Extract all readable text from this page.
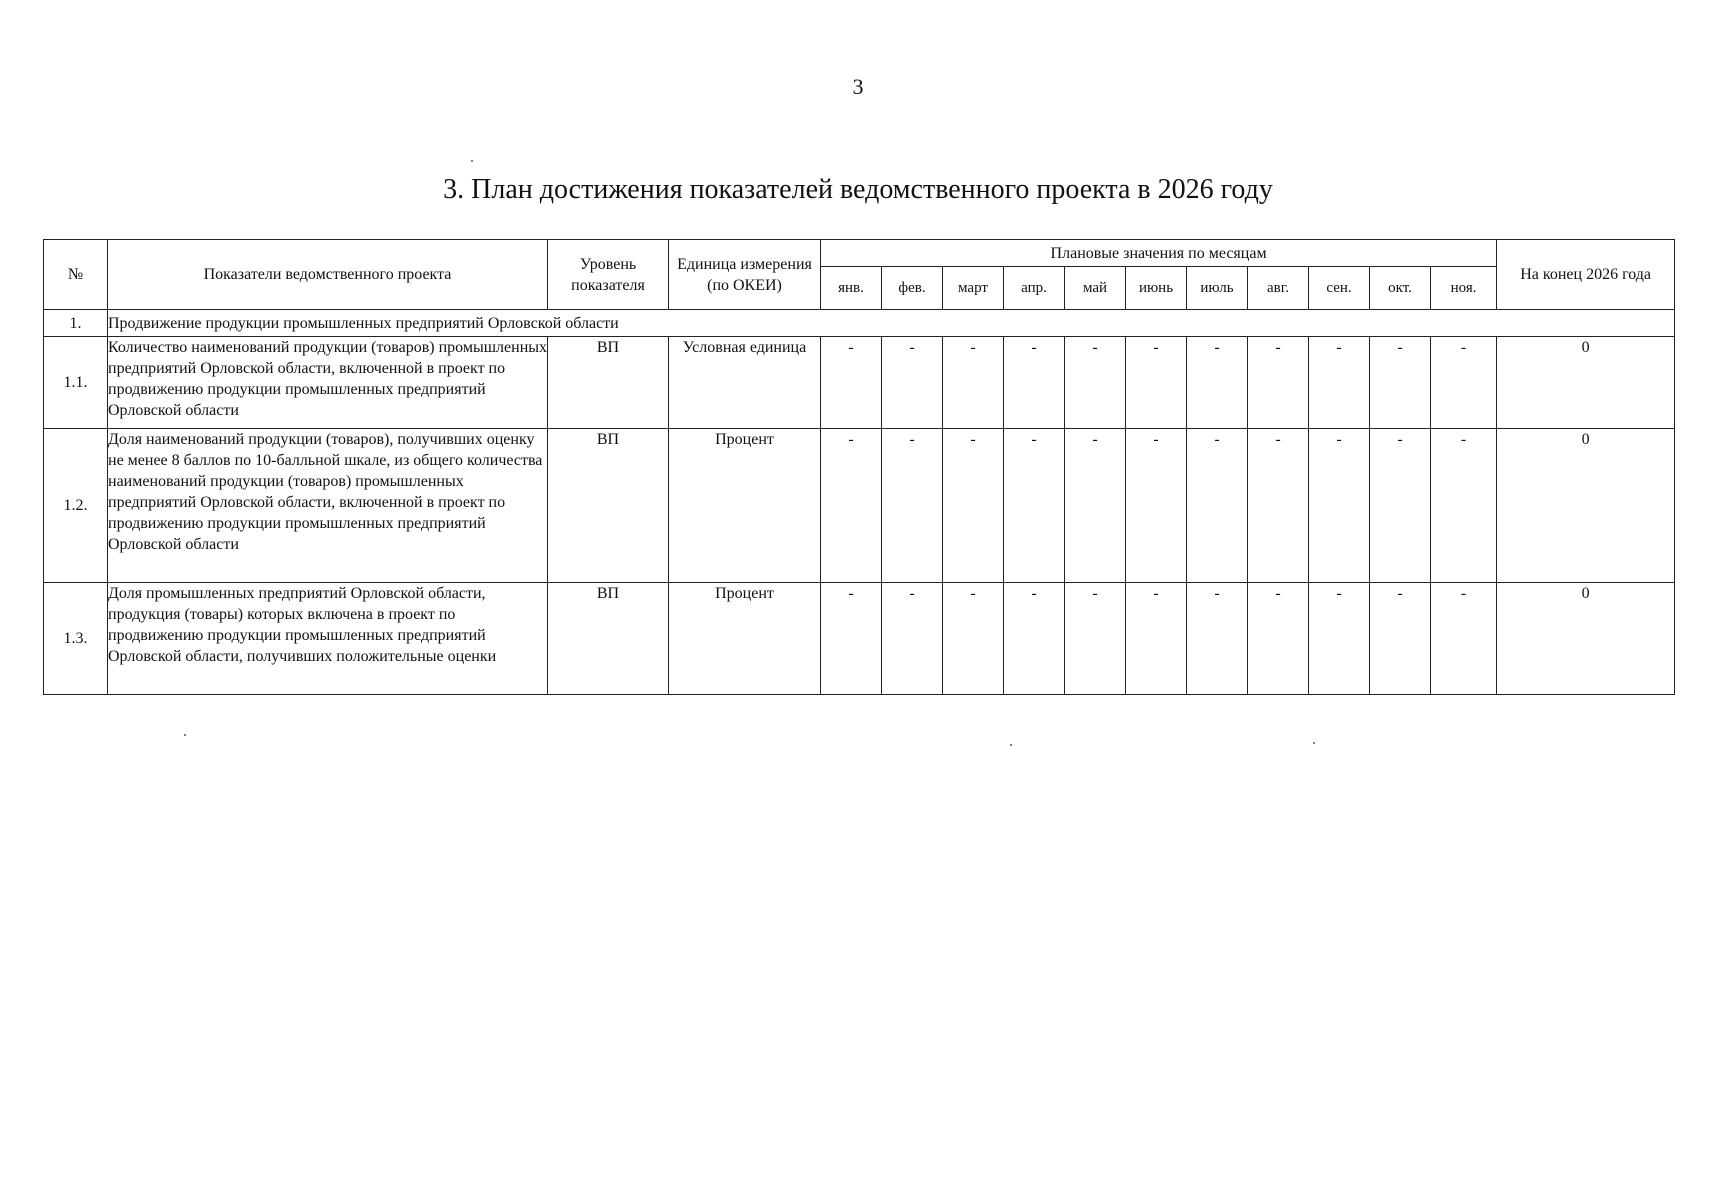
3
3. План достижения показателей ведомственного проекта в 2026 году
№	Показатели ведомственного проекта	Уровень показателя	Единица измерения (по ОКЕИ)	Плановые значения по месяцам											На конец 2026 года
				янв.	фев.	март	апр.	май	июнь	июль	авг.	сен.	окт.	ноя.	
1.	Продвижение продукции промышленных предприятий Орловской области														
1.1.	Количество наименований продукции (товаров) промышленных предприятий Орловской области, включенной в проект по продвижению продукции промышленных предприятий Орловской области	ВП	Условная единица	-	-	-	-	-	-	-	-	-	-	-	0
1.2.	Доля наименований продукции (товаров), получивших оценку не менее 8 баллов по 10-балльной шкале, из общего количества наименований продукции (товаров) промышленных предприятий Орловской области, включенной в проект по продвижению продукции промышленных предприятий Орловской области	ВП	Процент	-	-	-	-	-	-	-	-	-	-	-	0
1.3.	Доля промышленных предприятий Орловской области, продукция (товары) которых включена в проект по продвижению продукции промышленных предприятий Орловской области, получивших положительные оценки	ВП	Процент	-	-	-	-	-	-	-	-	-	-	-	0
